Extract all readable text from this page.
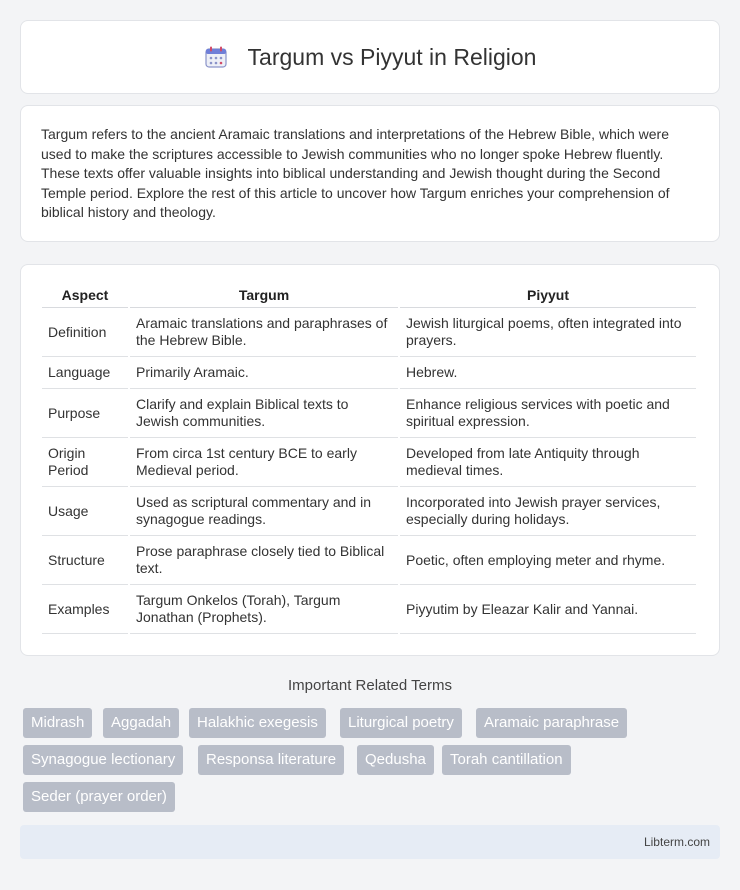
Targum vs Piyyut in Religion

Targum refers to the ancient Aramaic translations and interpretations of the Hebrew Bible, which were used to make the scriptures accessible to Jewish communities who no longer spoke Hebrew fluently. These texts offer valuable insights into biblical understanding and Jewish thought during the Second Temple period. Explore the rest of this article to uncover how Targum enriches your comprehension of biblical history and theology.

Aspect	Targum	Piyyut
Definition	Aramaic translations and paraphrases of the Hebrew Bible.	Jewish liturgical poems, often integrated into prayers.
Language	Primarily Aramaic.	Hebrew.
Purpose	Clarify and explain Biblical texts to Jewish communities.	Enhance religious services with poetic and spiritual expression.
Origin Period	From circa 1st century BCE to early Medieval period.	Developed from late Antiquity through medieval times.
Usage	Used as scriptural commentary and in synagogue readings.	Incorporated into Jewish prayer services, especially during holidays.
Structure	Prose paraphrase closely tied to Biblical text.	Poetic, often employing meter and rhyme.
Examples	Targum Onkelos (Torah), Targum Jonathan (Prophets).	Piyyutim by Eleazar Kalir and Yannai.
Important Related Terms
Midrash	Aggadah	Halakhic exegesis	Liturgical poetry	Aramaic paraphrase
Synagogue lectionary	Responsa literature	Qedusha	Torah cantillation
Seder (prayer order)
Libterm.com
